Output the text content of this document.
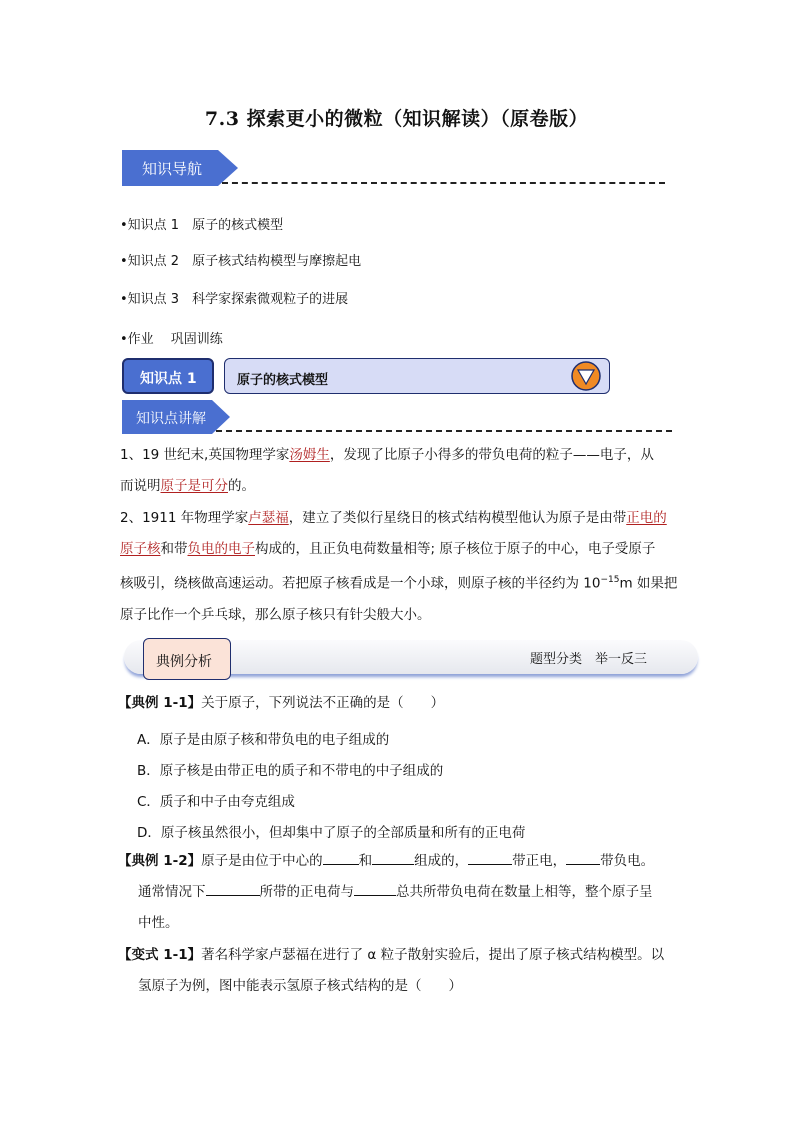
7.3 探索更小的微粒（知识解读）（原卷版）
知识导航
•知识点 1　原子的核式模型
•知识点 2　原子核式结构模型与摩擦起电
•知识点 3　科学家探索微观粒子的进展
•作业　 巩固训练
知识点 1	原子的核式模型
知识点讲解
1、19 世纪末,英国物理学家汤姆生，发现了比原子小得多的带负电荷的粒子——电子，从
而说明原子是可分的。
2、1911 年物理学家卢瑟福，建立了类似行星绕日的核式结构模型他认为原子是由带正电的
原子核和带负电的电子构成的，且正负电荷数量相等; 原子核位于原子的中心，电子受原子
核吸引，绕核做高速运动。若把原子核看成是一个小球，则原子核的半径约为 $10^{-15}m$ 如果把
原子比作一个乒乓球，那么原子核只有针尖般大小。
题型分类　举一反三
典例分析
【典例 1-1】关于原子，下列说法不正确的是（　　）
A．原子是由原子核和带负电的电子组成的
B．原子核是由带正电的质子和不带电的中子组成的
C．质子和中子由夸克组成
D．原子核虽然很小，但却集中了原子的全部质量和所有的正电荷
【典例 1-2】原子是由位于中心的	和	组成的，	带正电，	带负电。
通常情况下	所带的正电荷与	总共所带负电荷在数量上相等，整个原子呈
中性。
【变式 1-1】著名科学家卢瑟福在进行了 α 粒子散射实验后，提出了原子核式结构模型。以
氢原子为例，图中能表示氢原子核式结构的是（　　）
